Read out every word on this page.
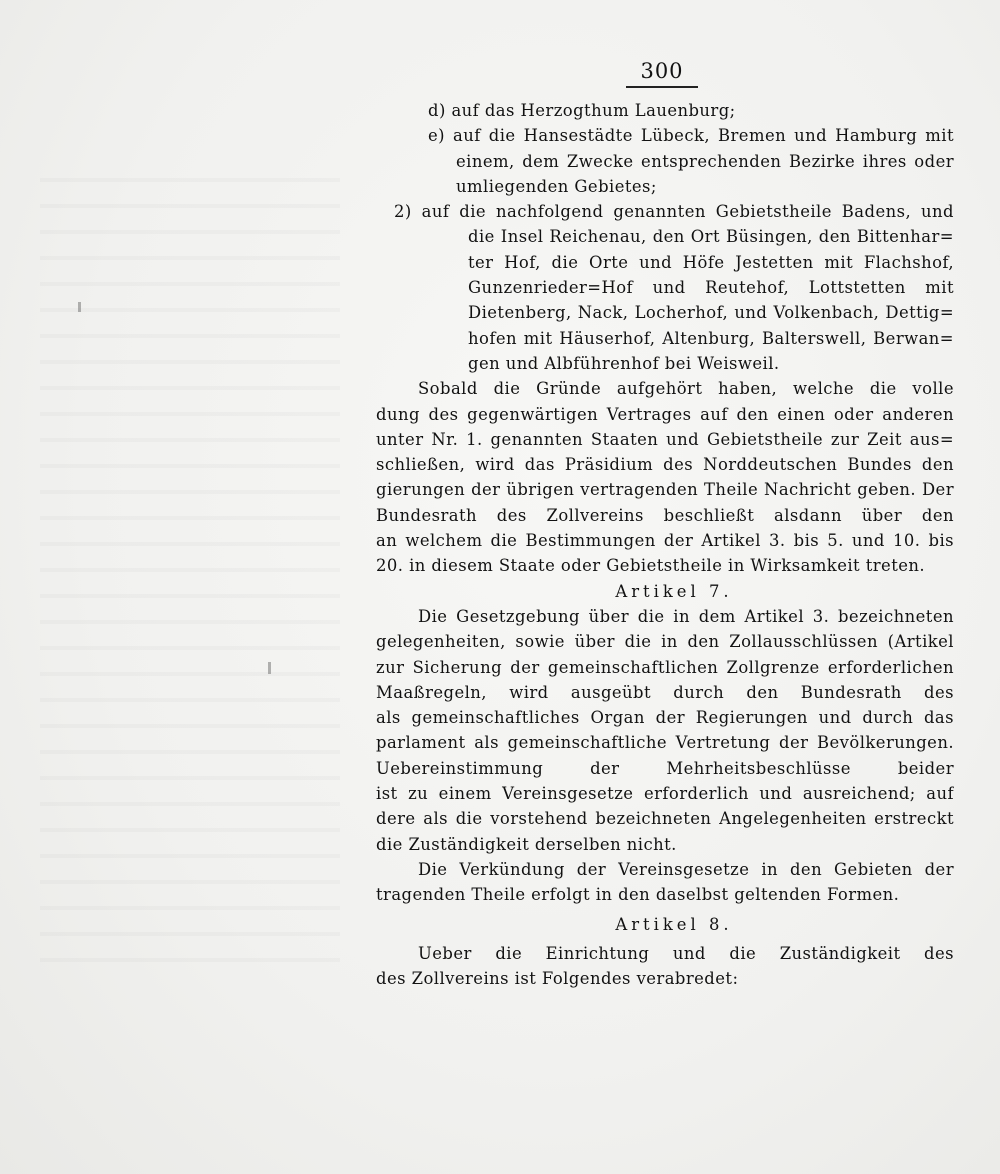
300
d) auf das Herzogthum Lauenburg;
e) auf die Hansestädte Lübeck, Bremen und Hamburg mit
einem, dem Zwecke entsprechenden Bezirke ihres oder
umliegenden Gebietes;
2) auf die nachfolgend genannten Gebietstheile Badens, und
die Insel Reichenau, den Ort Büsingen, den Bittenhar=
ter Hof, die Orte und Höfe Jestetten mit Flachshof,
Gunzenrieder=Hof und Reutehof, Lottstetten mit
Dietenberg, Nack, Locherhof, und Volkenbach, Dettig=
hofen mit Häuserhof, Altenburg, Balterswell, Berwan=
gen und Albführenhof bei Weisweil.
Sobald die Gründe aufgehört haben, welche die volle
dung des gegenwärtigen Vertrages auf den einen oder anderen
unter Nr. 1. genannten Staaten und Gebietstheile zur Zeit aus=
schließen, wird das Präsidium des Norddeutschen Bundes den
gierungen der übrigen vertragenden Theile Nachricht geben. Der
Bundesrath des Zollvereins beschließt alsdann über den
an welchem die Bestimmungen der Artikel 3. bis 5. und 10. bis
20. in diesem Staate oder Gebietstheile in Wirksamkeit treten.
Artikel 7.
Die Gesetzgebung über die in dem Artikel 3. bezeichneten
gelegenheiten, sowie über die in den Zollausschlüssen (Artikel
zur Sicherung der gemeinschaftlichen Zollgrenze erforderlichen
Maaßregeln, wird ausgeübt durch den Bundesrath des
als gemeinschaftliches Organ der Regierungen und durch das
parlament als gemeinschaftliche Vertretung der Bevölkerungen.
Uebereinstimmung der Mehrheitsbeschlüsse beider
ist zu einem Vereinsgesetze erforderlich und ausreichend; auf
dere als die vorstehend bezeichneten Angelegenheiten erstreckt
die Zuständigkeit derselben nicht.
Die Verkündung der Vereinsgesetze in den Gebieten der
tragenden Theile erfolgt in den daselbst geltenden Formen.
Artikel 8.
Ueber die Einrichtung und die Zuständigkeit des
des Zollvereins ist Folgendes verabredet:
